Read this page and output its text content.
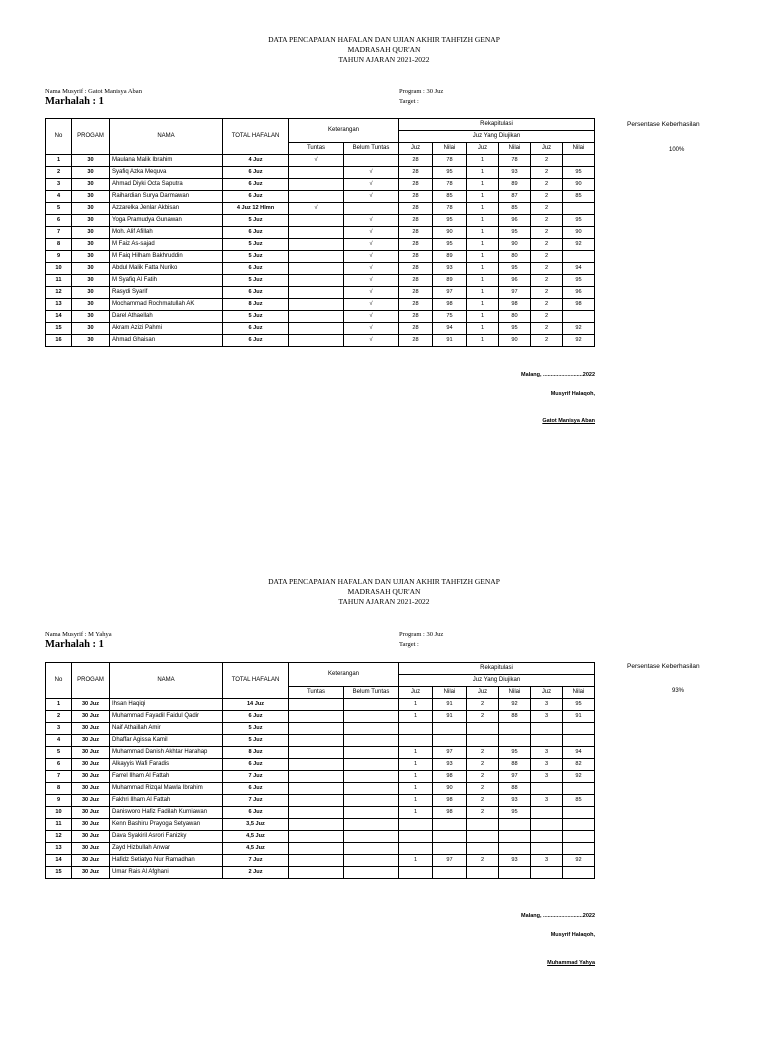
DATA PENCAPAIAN HAFALAN DAN UJIAN AKHIR TAHFIZH GENAP
MADRASAH QUR'AN
TAHUN AJARAN 2021-2022
Nama Musyrif : Gatot Manisya Aban
Marhalah : 1
Program : 30 Juz
Target :
No	PROGAM	NAMA	TOTAL HAFALAN	Keterangan		Rekapitulasi					
						Juz Yang Diujikan					
				Tuntas	Belum Tuntas	Juz	Nilai	Juz	Nilai	Juz	Nilai
1	30	Maulana Malik Ibrahim	4 Juz	√		28	78	1	78	2	
2	30	Syafiq Azka Mequva	6 Juz		√	28	95	1	93	2	95
3	30	Ahmad Diyki Octa Saputra	6 Juz		√	28	78	1	89	2	90
4	30	Raihardian Surya Darmawan	6 Juz		√	28	85	1	87	2	85
5	30	Azzarelka Jenlar Akbisan	4 Juz 12 Hlmn	√		28	78	1	85	2	
6	30	Yoga Pramudya Gunawan	5 Juz		√	28	95	1	96	2	95
7	30	Moh. Alif Afillah	6 Juz		√	28	90	1	95	2	90
8	30	M Faiz As-sajad	5 Juz		√	28	95	1	90	2	92
9	30	M Faiq Hilham Bakhruddin	5 Juz		√	28	89	1	80	2	
10	30	Abdul Malik Fatta Nuriko	6 Juz		√	28	93	1	95	2	94
11	30	M Syafiq Al Fatih	5 Juz		√	28	89	1	96	2	95
12	30	Rasydi Syarif	6 Juz		√	28	97	1	97	2	96
13	30	Mochammad Rochmatullah AK	8 Juz		√	28	98	1	98	2	98
14	30	Darel Athaellah	5 Juz		√	28	75	1	80	2	
15	30	Akram Azizi Pahmi	6 Juz		√	28	94	1	95	2	92
16	30	Ahmad Ghaisan	6 Juz		√	28	91	1	90	2	92
Persentase Keberhasilan
100%
Malang, ..........................2022
Musyrif Halaqoh,
Gatot Manisya Aban
DATA PENCAPAIAN HAFALAN DAN UJIAN AKHIR TAHFIZH GENAP
MADRASAH QUR'AN
TAHUN AJARAN 2021-2022
Nama Musyrif : M Yahya
Marhalah : 1
Program : 30 Juz
Target :
No	PROGAM	NAMA	TOTAL HAFALAN	Keterangan		Rekapitulasi					
						Juz Yang Diujikan					
				Tuntas	Belum Tuntas	Juz	Nilai	Juz	Nilai	Juz	Nilai
1	30 Juz	Ihsan Haqiqi	14 Juz			1	91	2	92	3	95
2	30 Juz	Muhammad Fayadil Faidul Qadir	6 Juz			1	91	2	88	3	91
3	30 Juz	Naif Athaillah Amir	5 Juz								
4	30 Juz	Dhaffar Agissa Kamil	5 Juz								
5	30 Juz	Muhammad Danish Akhtar Harahap	8 Juz			1	97	2	95	3	94
6	30 Juz	Alkayyis Wafi Faradis	6 Juz			1	93	2	88	3	82
7	30 Juz	Farrel Ilham Al Fattah	7 Juz			1	98	2	97	3	92
8	30 Juz	Muhammad Rizqal Mawla Ibrahim	6 Juz			1	90	2	88		
9	30 Juz	Fakhri Ilham Al Fattah	7 Juz			1	98	2	93	3	85
10	30 Juz	Danisworo Hafiz Fadilah Kurniawan	6 Juz			1	98	2	95		
11	30 Juz	Kenn Bashiru Prayoga Setyawan	3,5 Juz								
12	30 Juz	Dava Syakiril Asrori Fanizky	4,5 Juz								
13	30 Juz	Zayd Hizbullah Anwar	4,5 Juz								
14	30 Juz	Hafidz Setiatyo Nur Ramadhan	7 Juz			1	97	2	93	3	92
15	30 Juz	Umar Rais Al Afghani	2 Juz								
Persentase Keberhasilan
93%
Malang, ..........................2022
Musyrif Halaqoh,
Muhammad Yahya
